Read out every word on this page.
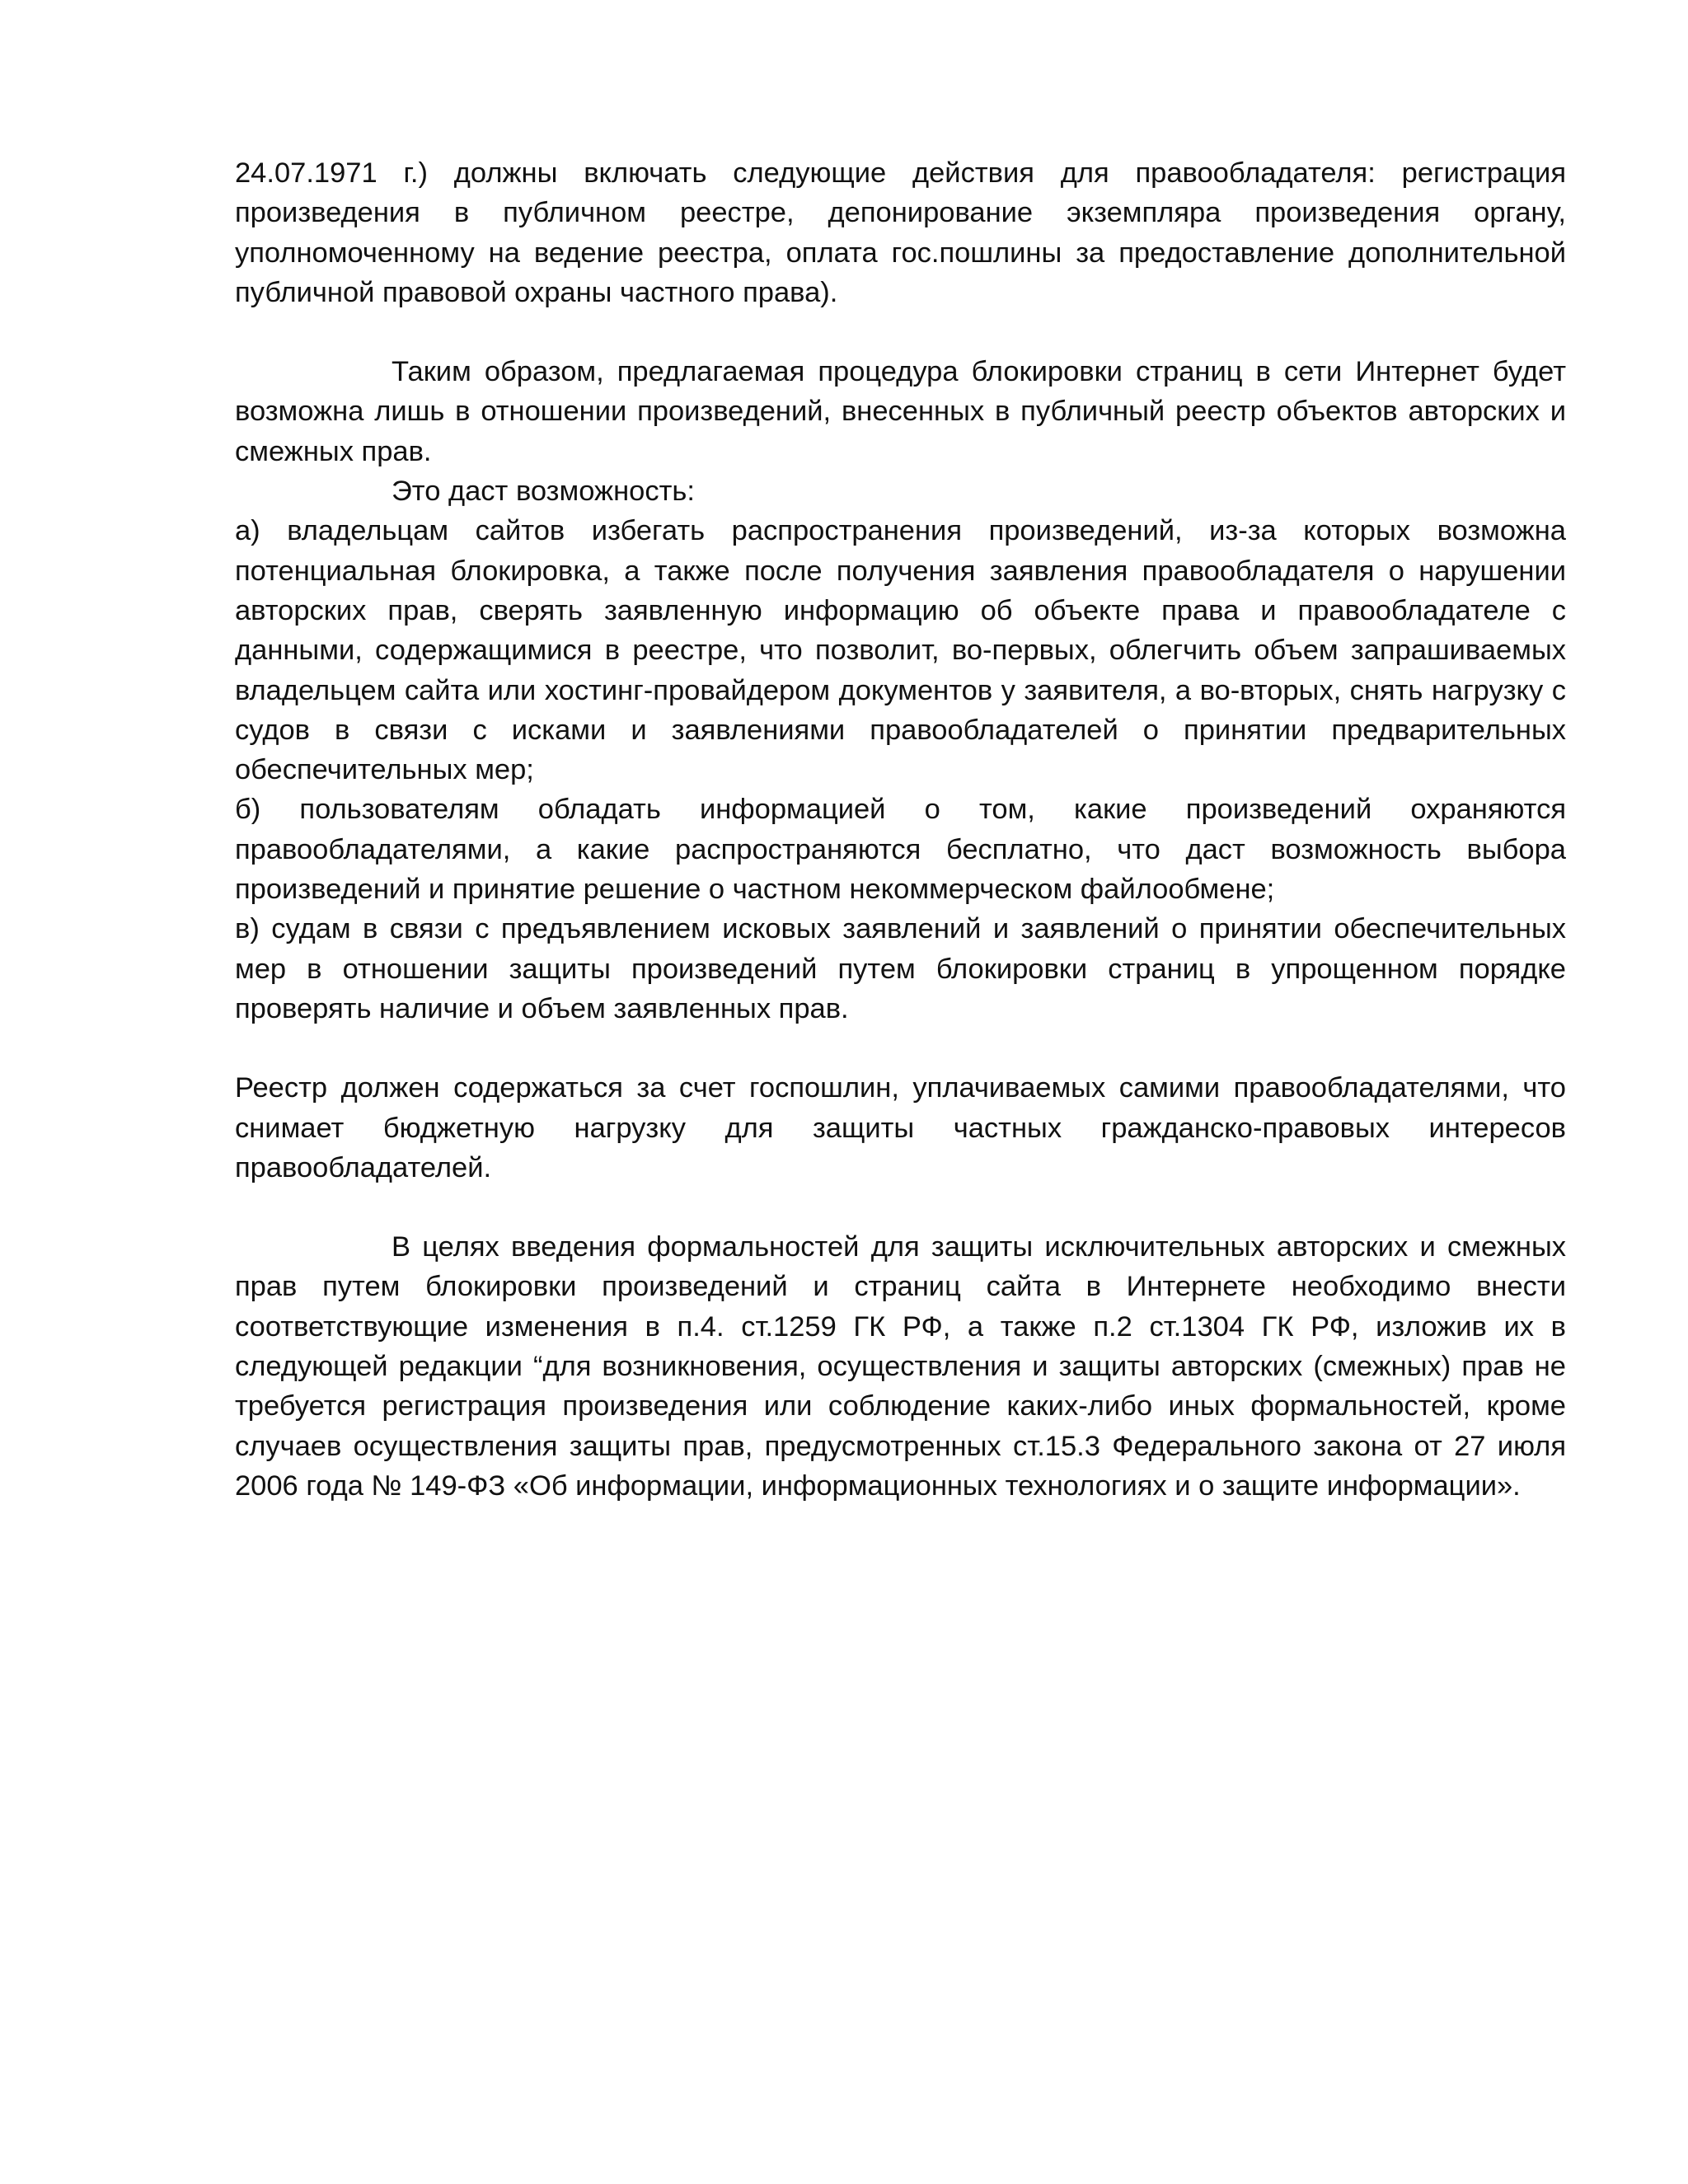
24.07.1971 г.) должны включать следующие действия для правообладателя: регистрация произведения в публичном реестре, депонирование экземпляра произведения органу, уполномоченному на ведение реестра, оплата гос.пошлины за предоставление дополнительной публичной правовой охраны частного права).

Таким образом, предлагаемая процедура блокировки страниц в сети Интернет будет возможна лишь в отношении произведений, внесенных в публичный реестр объектов авторских и смежных прав.

Это даст возможность:

а) владельцам сайтов избегать распространения произведений, из-за которых возможна потенциальная блокировка, а также после получения заявления правообладателя о нарушении авторских прав, сверять заявленную информацию об объекте права и правообладателе с данными, содержащимися в реестре, что позволит, во-первых, облегчить объем запрашиваемых владельцем сайта или хостинг-провайдером документов у заявителя, а во-вторых, снять нагрузку с судов в связи с исками и заявлениями правообладателей о принятии предварительных обеспечительных мер;

б) пользователям обладать информацией о том, какие произведений охраняются правообладателями, а какие распространяются бесплатно, что даст возможность выбора произведений и принятие решение о частном некоммерческом файлообмене;

в) судам в связи с предъявлением исковых заявлений и заявлений о принятии обеспечительных мер в отношении защиты произведений путем блокировки страниц в упрощенном порядке проверять наличие и объем заявленных прав.

Реестр должен содержаться за счет госпошлин, уплачиваемых самими правообладателями, что снимает бюджетную нагрузку для защиты частных гражданско-правовых интересов правообладателей.

В целях введения формальностей для защиты исключительных авторских и смежных прав путем блокировки произведений и страниц сайта в Интернете необходимо внести соответствующие изменения в п.4. ст.1259 ГК РФ, а также п.2 ст.1304 ГК РФ, изложив их в следующей редакции “для возникновения, осуществления и защиты авторских (смежных) прав не требуется регистрация произведения или соблюдение каких-либо иных формальностей, кроме случаев осуществления защиты прав, предусмотренных ст.15.3 Федерального закона от 27 июля 2006 года № 149-ФЗ «Об информации, информационных технологиях и о защите информации».
